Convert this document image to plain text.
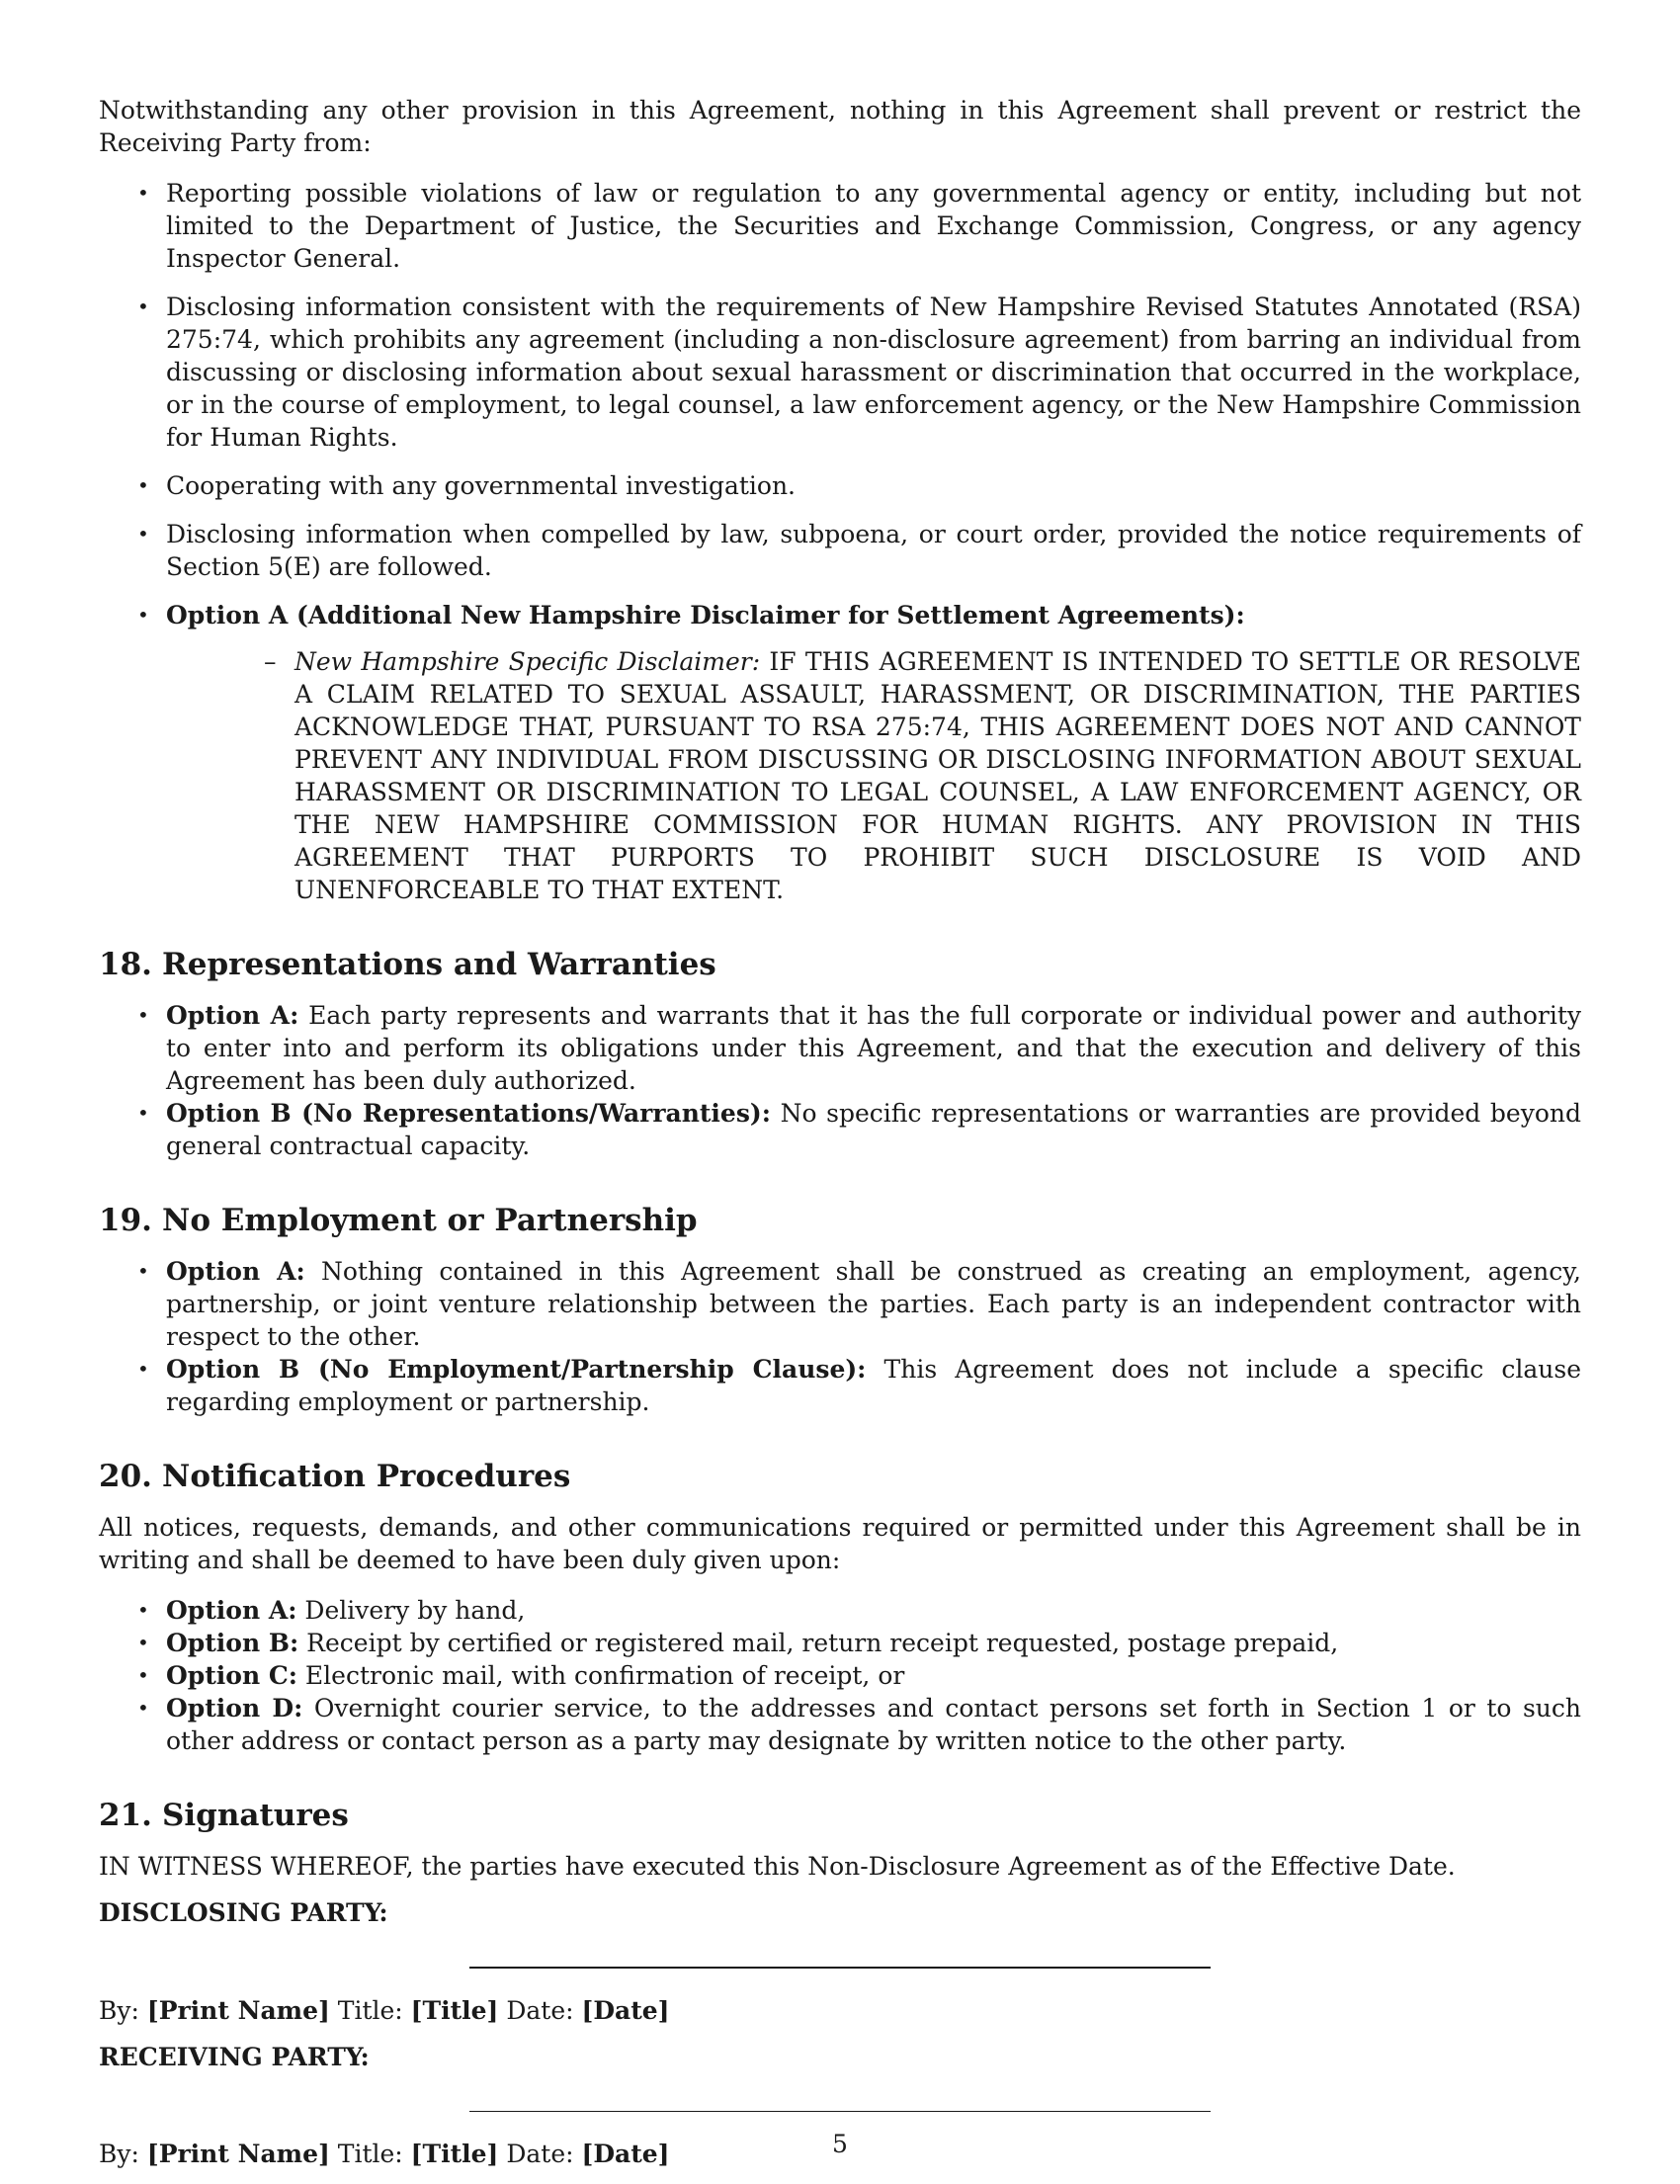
Notwithstanding any other provision in this Agreement, nothing in this Agreement shall prevent or restrict the Receiving Party from:

• Reporting possible violations of law or regulation to any governmental agency or entity, including but not limited to the Department of Justice, the Securities and Exchange Commission, Congress, or any agency Inspector General.
• Disclosing information consistent with the requirements of New Hampshire Revised Statutes Annotated (RSA) 275:74, which prohibits any agreement (including a non-disclosure agreement) from barring an individual from discussing or disclosing information about sexual harassment or discrimination that occurred in the workplace, or in the course of employment, to legal counsel, a law enforcement agency, or the New Hampshire Commission for Human Rights.
• Cooperating with any governmental investigation.
• Disclosing information when compelled by law, subpoena, or court order, provided the notice requirements of Section 5(E) are followed.
• Option A (Additional New Hampshire Disclaimer for Settlement Agreements):
– New Hampshire Specific Disclaimer: IF THIS AGREEMENT IS INTENDED TO SETTLE OR RESOLVE A CLAIM RELATED TO SEXUAL ASSAULT, HARASSMENT, OR DISCRIMINATION, THE PARTIES ACKNOWLEDGE THAT, PURSUANT TO RSA 275:74, THIS AGREEMENT DOES NOT AND CANNOT PREVENT ANY INDIVIDUAL FROM DISCUSSING OR DISCLOSING INFORMATION ABOUT SEXUAL HARASSMENT OR DISCRIMINATION TO LEGAL COUNSEL, A LAW ENFORCEMENT AGENCY, OR THE NEW HAMPSHIRE COMMISSION FOR HUMAN RIGHTS. ANY PROVISION IN THIS AGREEMENT THAT PURPORTS TO PROHIBIT SUCH DISCLOSURE IS VOID AND UNENFORCEABLE TO THAT EXTENT.
18. Representations and Warranties
• Option A: Each party represents and warrants that it has the full corporate or individual power and authority to enter into and perform its obligations under this Agreement, and that the execution and delivery of this Agreement has been duly authorized.
• Option B (No Representations/Warranties): No specific representations or warranties are provided beyond general contractual capacity.
19. No Employment or Partnership
• Option A: Nothing contained in this Agreement shall be construed as creating an employment, agency, partnership, or joint venture relationship between the parties. Each party is an independent contractor with respect to the other.
• Option B (No Employment/Partnership Clause): This Agreement does not include a specific clause regarding employment or partnership.
20. Notification Procedures

All notices, requests, demands, and other communications required or permitted under this Agreement shall be in writing and shall be deemed to have been duly given upon:

• Option A: Delivery by hand,
• Option B: Receipt by certified or registered mail, return receipt requested, postage prepaid,
• Option C: Electronic mail, with confirmation of receipt, or
• Option D: Overnight courier service, to the addresses and contact persons set forth in Section 1 or to such other address or contact person as a party may designate by written notice to the other party.
21. Signatures

IN WITNESS WHEREOF, the parties have executed this Non-Disclosure Agreement as of the Effective Date.

DISCLOSING PARTY:

By: [Print Name] Title: [Title] Date: [Date]

RECEIVING PARTY:

By: [Print Name] Title: [Title] Date: [Date]	5
